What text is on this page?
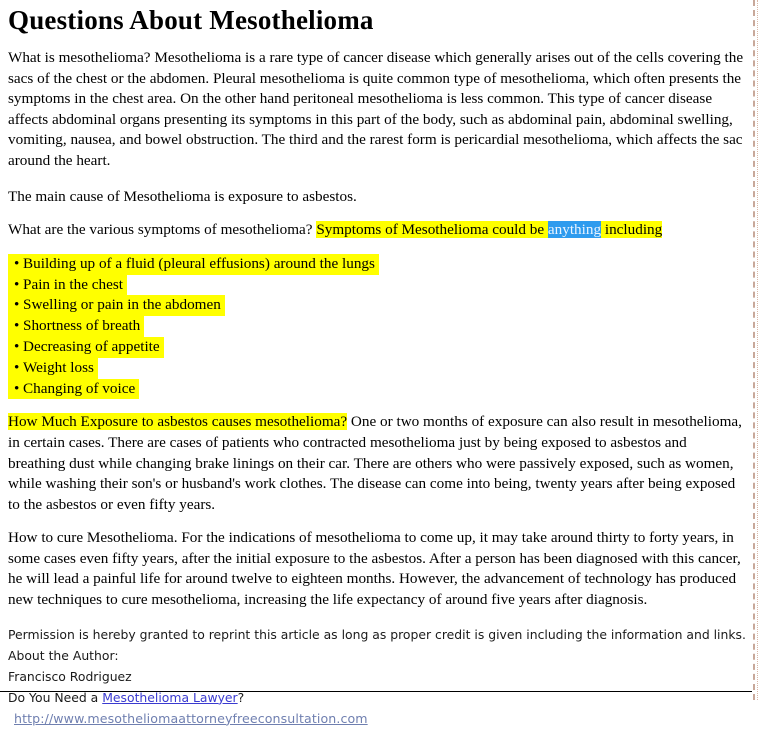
Questions About Mesothelioma

What is mesothelioma? Mesothelioma is a rare type of cancer disease which generally arises out of the cells covering the sacs of the chest or the abdomen. Pleural mesothelioma is quite common type of mesothelioma, which often presents the symptoms in the chest area. On the other hand peritoneal mesothelioma is less common. This type of cancer disease affects abdominal organs presenting its symptoms in this part of the body, such as abdominal pain, abdominal swelling, vomiting, nausea, and bowel obstruction. The third and the rarest form is pericardial mesothelioma, which affects the sac around the heart.

The main cause of Mesothelioma is exposure to asbestos.

What are the various symptoms of mesothelioma? Symptoms of Mesothelioma could be anything including

• Building up of a fluid (pleural effusions) around the lungs
• Pain in the chest
• Swelling or pain in the abdomen
• Shortness of breath
• Decreasing of appetite
• Weight loss
• Changing of voice

How Much Exposure to asbestos causes mesothelioma? One or two months of exposure can also result in mesothelioma, in certain cases. There are cases of patients who contracted mesothelioma just by being exposed to asbestos and breathing dust while changing brake linings on their car. There are others who were passively exposed, such as women, while washing their son's or husband's work clothes. The disease can come into being, twenty years after being exposed to the asbestos or even fifty years.

How to cure Mesothelioma. For the indications of mesothelioma to come up, it may take around thirty to forty years, in some cases even fifty years, after the initial exposure to the asbestos. After a person has been diagnosed with this cancer, he will lead a painful life for around twelve to eighteen months. However, the advancement of technology has produced new techniques to cure mesothelioma, increasing the life expectancy of around five years after diagnosis.

Permission is hereby granted to reprint this article as long as proper credit is given including the information and links.

About the Author:

Francisco Rodriguez

Do You Need a Mesothelioma Lawyer?

http://www.mesotheliomaattorneyfreeconsultation.com
